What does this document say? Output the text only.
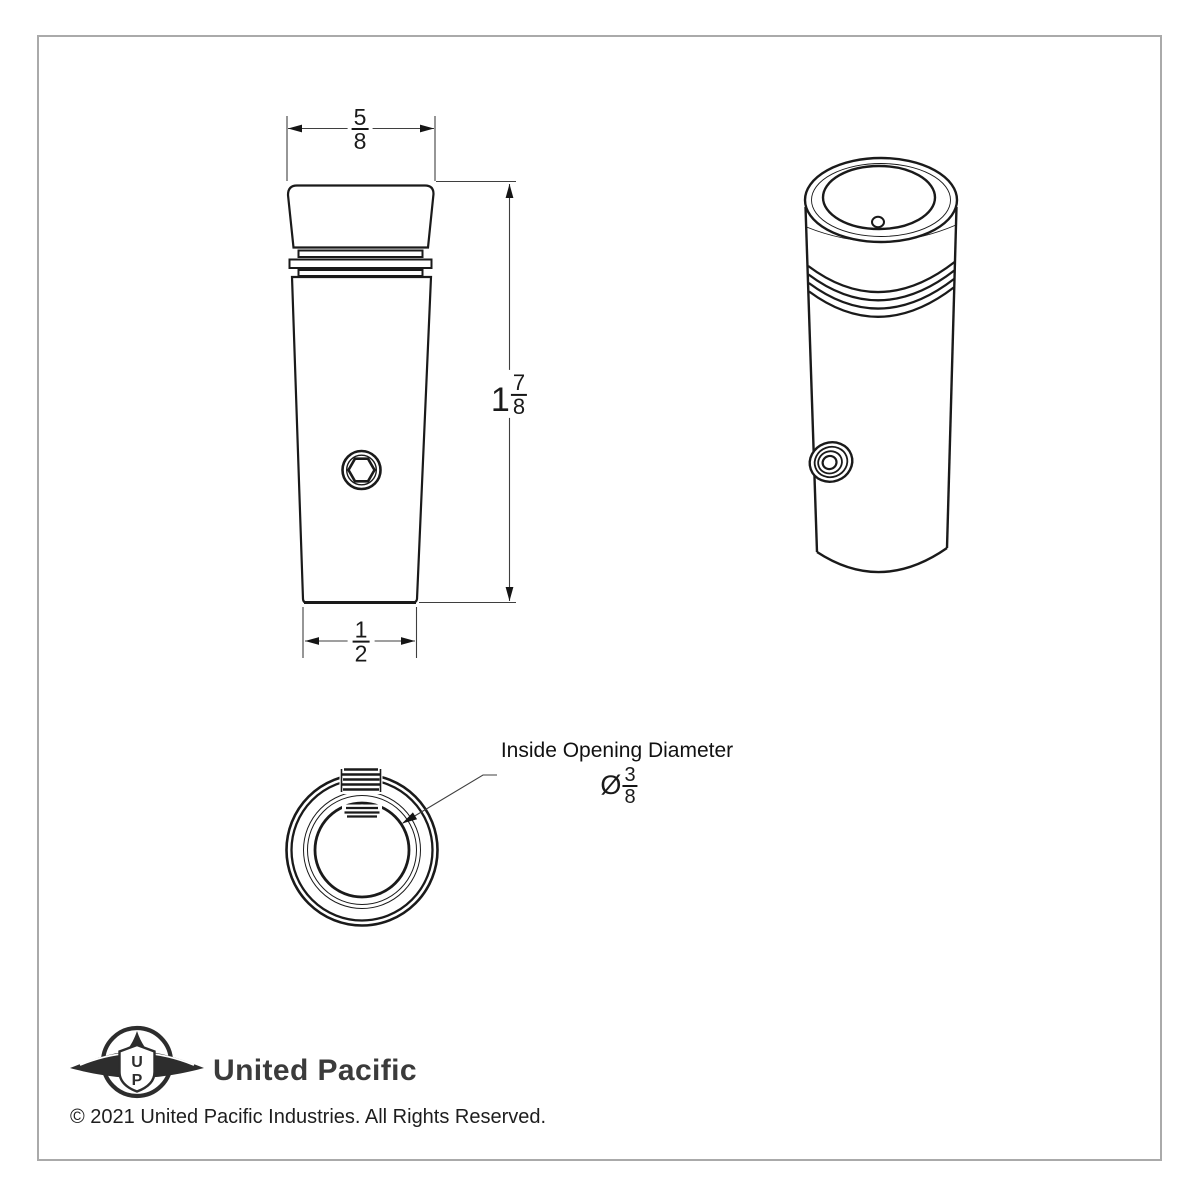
U
P
$\frac{5}{8}$
$1 \frac{7}{8}$
$\frac{1}{2}$
Inside Opening Diameter
Ø $\frac{3}{8}$
United Pacific
© 2021 United Pacific Industries. All Rights Reserved.
